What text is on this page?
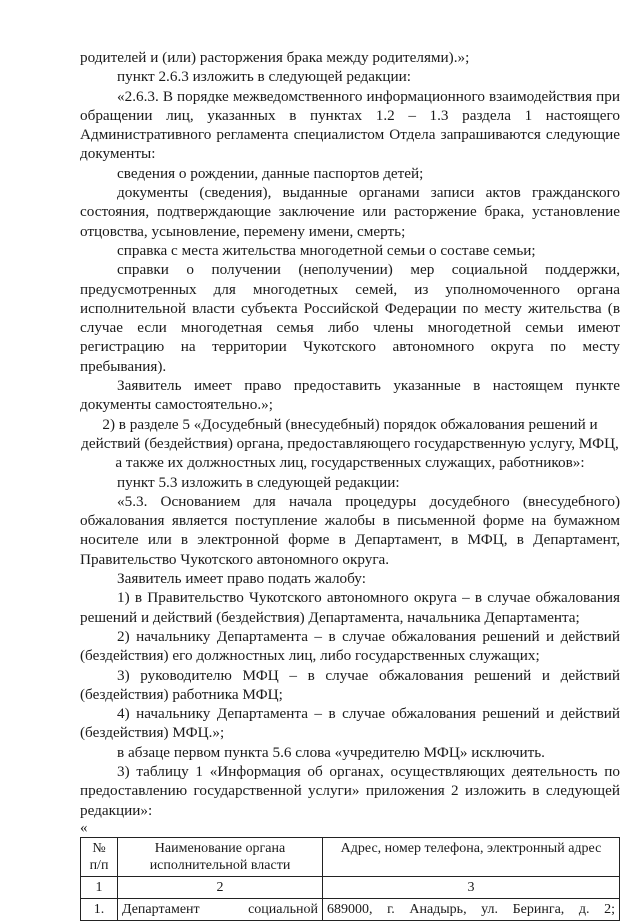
родителей и (или) расторжения брака между родителями).»;

пункт 2.6.3 изложить в следующей редакции:

«2.6.3. В порядке межведомственного информационного взаимодействия при обращении лиц, указанных в пунктах 1.2 – 1.3 раздела 1 настоящего Административного регламента специалистом Отдела запрашиваются следующие документы:

сведения о рождении, данные паспортов детей;

документы (сведения), выданные органами записи актов гражданского состояния, подтверждающие заключение или расторжение брака, установление отцовства, усыновление, перемену имени, смерть;

справка с места жительства многодетной семьи о составе семьи;

справки о получении (неполучении) мер социальной поддержки, предусмотренных для многодетных семей, из уполномоченного органа исполнительной власти субъекта Российской Федерации по месту жительства (в случае если многодетная семья либо члены многодетной семьи имеют регистрацию на территории Чукотского автономного округа по месту пребывания).

Заявитель имеет право предоставить указанные в настоящем пункте документы самостоятельно.»;

2) в разделе 5 «Досудебный (внесудебный) порядок обжалования решений и действий (бездействия) органа, предоставляющего государственную услугу, МФЦ, а также их должностных лиц, государственных служащих, работников»:

пункт 5.3 изложить в следующей редакции:

«5.3. Основанием для начала процедуры досудебного (внесудебного) обжалования является поступление жалобы в письменной форме на бумажном носителе или в электронной форме в Департамент, в МФЦ, в Департамент, Правительство Чукотского автономного округа.

Заявитель имеет право подать жалобу:

1) в Правительство Чукотского автономного округа – в случае обжалования решений и действий (бездействия) Департамента, начальника Департамента;

2) начальнику Департамента – в случае обжалования решений и действий (бездействия) его должностных лиц, либо государственных служащих;

3) руководителю МФЦ – в случае обжалования решений и действий (бездействия) работника МФЦ;

4) начальнику Департамента – в случае обжалования решений и действий (бездействия) МФЦ.»;

в абзаце первом пункта 5.6 слова «учредителю МФЦ» исключить.

3) таблицу 1 «Информация об органах, осуществляющих деятельность по предоставлению государственной услуги» приложения 2 изложить в следующей редакции»:

«

№ п/п	Наименование органа исполнительной власти	Адрес, номер телефона, электронный адрес
1	2	3
1.	Департамент социальной	689000, г. Анадырь, ул. Беринга, д. 2;
